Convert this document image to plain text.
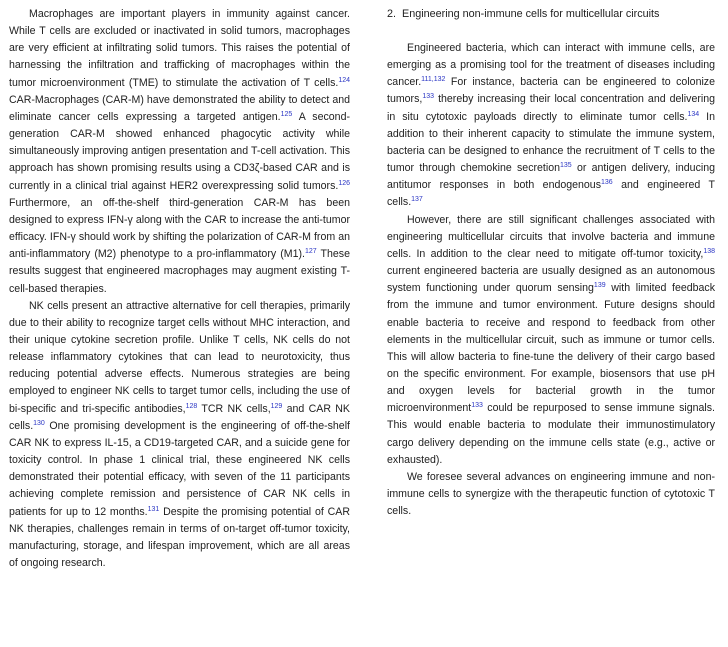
Macrophages are important players in immunity against cancer. While T cells are excluded or inactivated in solid tumors, macrophages are very efficient at infiltrating solid tumors. This raises the potential of harnessing the infiltration and trafficking of macrophages within the tumor microenvironment (TME) to stimulate the activation of T cells.$^{124}$ CAR-Macrophages (CAR-M) have demonstrated the ability to detect and eliminate cancer cells expressing a targeted antigen.$^{125}$ A second-generation CAR-M showed enhanced phagocytic activity while simultaneously improving antigen presentation and T-cell activation. This approach has shown promising results using a CD3ζ-based CAR and is currently in a clinical trial against HER2 overexpressing solid tumors.$^{126}$ Furthermore, an off-the-shelf third-generation CAR-M has been designed to express IFN-γ along with the CAR to increase the anti-tumor efficacy. IFN-γ should work by shifting the polarization of CAR-M from an anti-inflammatory (M2) phenotype to a pro-inflammatory (M1).$^{127}$ These results suggest that engineered macrophages may augment existing T-cell-based therapies.

NK cells present an attractive alternative for cell therapies, primarily due to their ability to recognize target cells without MHC interaction, and their unique cytokine secretion profile. Unlike T cells, NK cells do not release inflammatory cytokines that can lead to neurotoxicity, thus reducing potential adverse effects. Numerous strategies are being employed to engineer NK cells to target tumor cells, including the use of bi-specific and tri-specific antibodies,$^{128}$ TCR NK cells,$^{129}$ and CAR NK cells.$^{130}$ One promising development is the engineering of off-the-shelf CAR NK to express IL-15, a CD19-targeted CAR, and a suicide gene for toxicity control. In phase 1 clinical trial, these engineered NK cells demonstrated their potential efficacy, with seven of the 11 participants achieving complete remission and persistence of CAR NK cells in patients for up to 12 months.$^{131}$ Despite the promising potential of CAR NK therapies, challenges remain in terms of on-target off-tumor toxicity, manufacturing, storage, and lifespan improvement, which are all areas of ongoing research.

2. Engineering non-immune cells for multicellular circuits

Engineered bacteria, which can interact with immune cells, are emerging as a promising tool for the treatment of diseases including cancer.$^{111,132}$ For instance, bacteria can be engineered to colonize tumors,$^{133}$ thereby increasing their local concentration and delivering in situ cytotoxic payloads directly to eliminate tumor cells.$^{134}$ In addition to their inherent capacity to stimulate the immune system, bacteria can be designed to enhance the recruitment of T cells to the tumor through chemokine secretion$^{135}$ or antigen delivery, inducing antitumor responses in both endogenous$^{136}$ and engineered T cells.$^{137}$

However, there are still significant challenges associated with engineering multicellular circuits that involve bacteria and immune cells. In addition to the clear need to mitigate off-tumor toxicity,$^{138}$ current engineered bacteria are usually designed as an autonomous system functioning under quorum sensing$^{139}$ with limited feedback from the immune and tumor environment. Future designs should enable bacteria to receive and respond to feedback from other elements in the multicellular circuit, such as immune or tumor cells. This will allow bacteria to fine-tune the delivery of their cargo based on the specific environment. For example, biosensors that use pH and oxygen levels for bacterial growth in the tumor microenvironment$^{133}$ could be repurposed to sense immune signals. This would enable bacteria to modulate their immunostimulatory cargo delivery depending on the immune cells state (e.g., active or exhausted).

We foresee several advances on engineering immune and non-immune cells to synergize with the therapeutic function of cytotoxic T cells.
